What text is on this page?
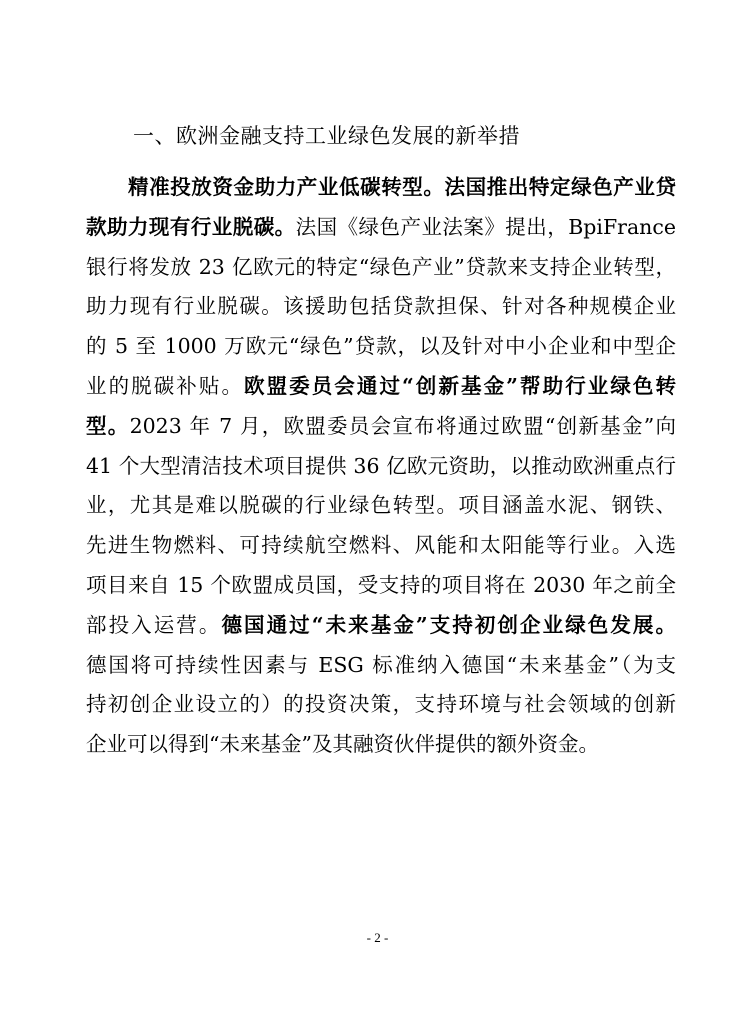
一、欧洲金融支持工业绿色发展的新举措
精准投放资金助力产业低碳转型。法国推出特定绿色产业贷
款助力现有行业脱碳。法国《绿色产业法案》提出，BpiFrance
银行将发放 23 亿欧元的特定“绿色产业”贷款来支持企业转型，
助力现有行业脱碳。该援助包括贷款担保、针对各种规模企业
的 5 至 1000 万欧元“绿色”贷款，以及针对中小企业和中型企
业的脱碳补贴。欧盟委员会通过“创新基金”帮助行业绿色转
型。2023 年 7 月，欧盟委员会宣布将通过欧盟“创新基金”向
41 个大型清洁技术项目提供 36 亿欧元资助，以推动欧洲重点行
业，尤其是难以脱碳的行业绿色转型。项目涵盖水泥、钢铁、
先进生物燃料、可持续航空燃料、风能和太阳能等行业。入选
项目来自 15 个欧盟成员国，受支持的项目将在 2030 年之前全
部投入运营。德国通过“未来基金”支持初创企业绿色发展。
德国将可持续性因素与 ESG 标准纳入德国“未来基金”（为支
持初创企业设立的）的投资决策，支持环境与社会领域的创新
企业可以得到“未来基金”及其融资伙伴提供的额外资金。
- 2 -
